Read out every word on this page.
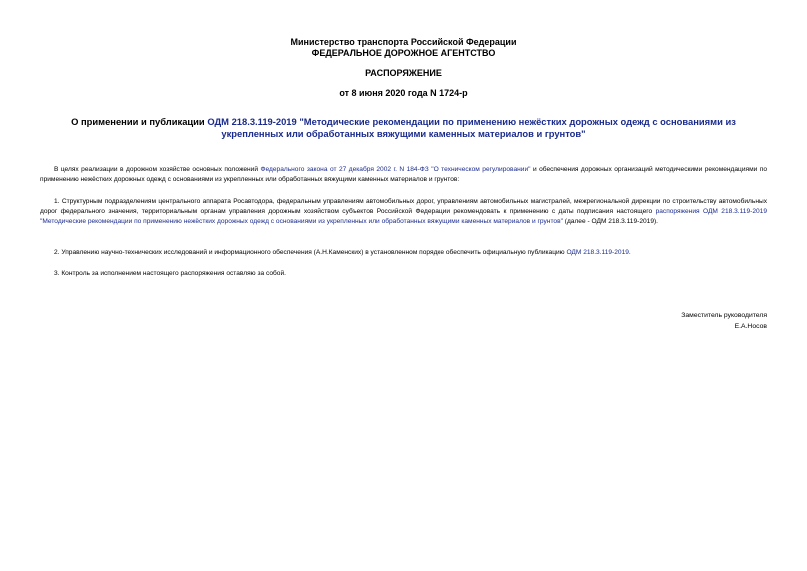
Министерство транспорта Российской Федерации
ФЕДЕРАЛЬНОЕ ДОРОЖНОЕ АГЕНТСТВО
РАСПОРЯЖЕНИЕ
от 8 июня 2020 года N 1724-р
О применении и публикации ОДМ 218.3.119-2019 "Методические рекомендации по применению нежёстких дорожных одежд с основаниями из укрепленных или обработанных вяжущими каменных материалов и грунтов"
В целях реализации в дорожном хозяйстве основных положений Федерального закона от 27 декабря 2002 г. N 184-ФЗ "О техническом регулировании" и обеспечения дорожных организаций методическими рекомендациями по применению нежёстких дорожных одежд с основаниями из укрепленных или обработанных вяжущими каменных материалов и грунтов:
1. Структурным подразделениям центрального аппарата Росавтодора, федеральным управлениям автомобильных дорог, управлениям автомобильных магистралей, межрегиональной дирекции по строительству автомобильных дорог федерального значения, территориальным органам управления дорожным хозяйством субъектов Российской Федерации рекомендовать к применению с даты подписания настоящего распоряжения ОДМ 218.3.119-2019 "Методические рекомендации по применению нежёстких дорожных одежд с основаниями из укрепленных или обработанных вяжущими каменных материалов и грунтов" (далее - ОДМ 218.3.119-2019).
2. Управлению научно-технических исследований и информационного обеспечения (А.Н.Каменских) в установленном порядке обеспечить официальную публикацию ОДМ 218.3.119-2019.
3. Контроль за исполнением настоящего распоряжения оставляю за собой.
Заместитель руководителя
Е.А.Носов
